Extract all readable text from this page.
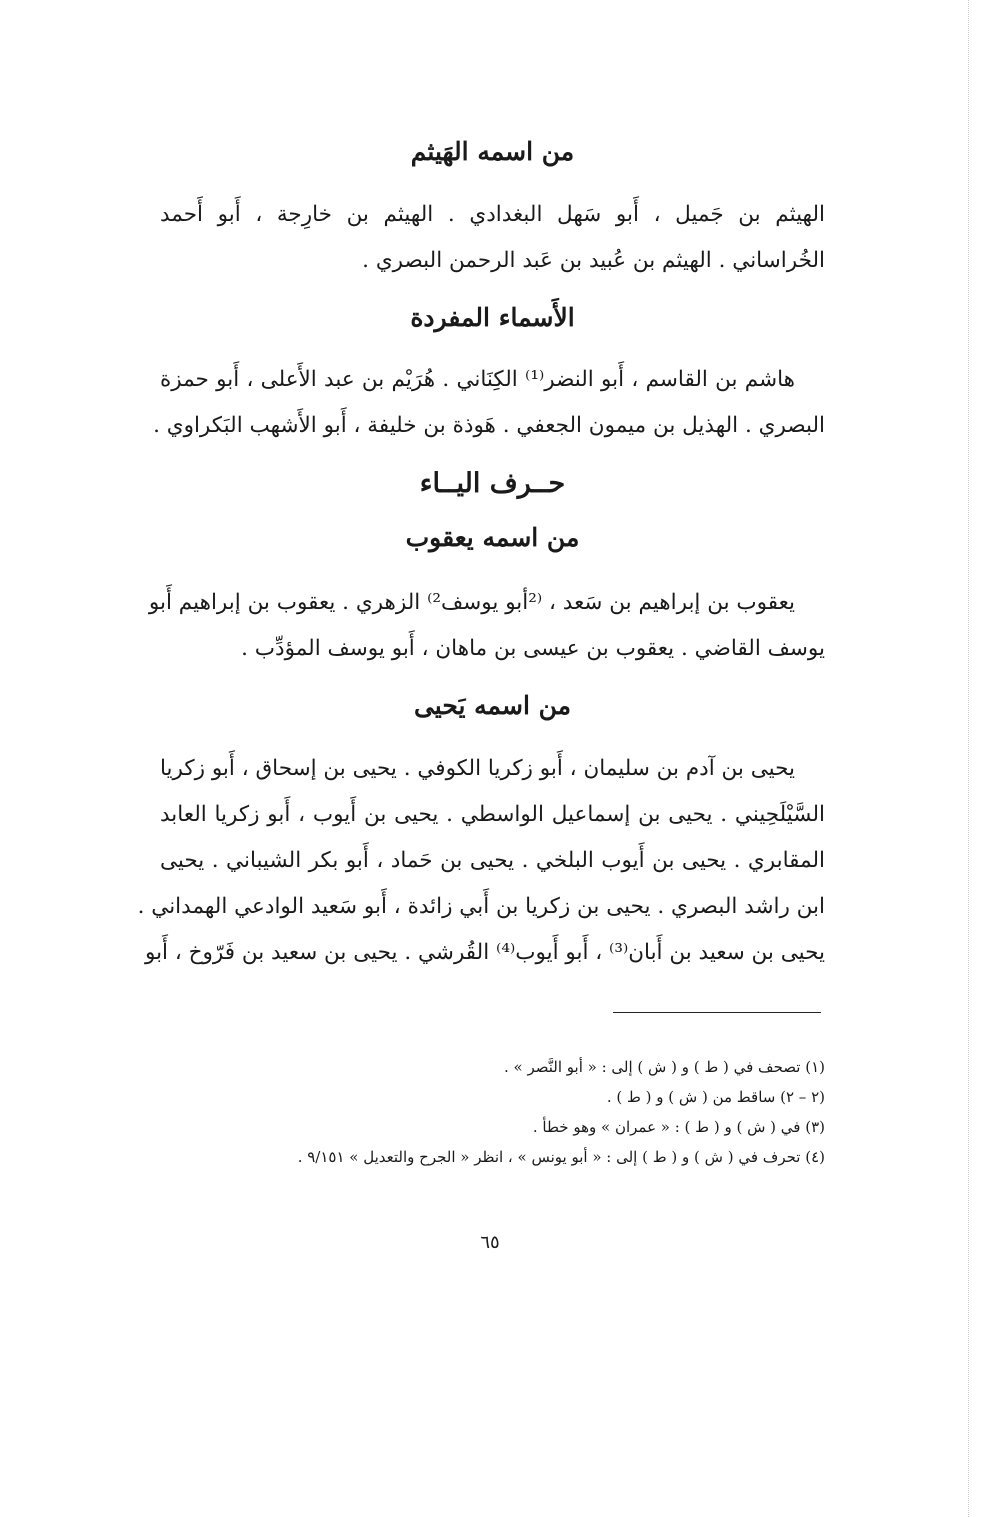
من اسمه الهَيثم
الهيثم بن جَميل ، أَبو سَهل البغدادي . الهيثم بن خارِجة ، أَبو أَحمد
الخُراساني . الهيثم بن عُبيد بن عَبد الرحمن البصري .
الأَسماء المفردة
هاشم بن القاسم ، أَبو النضر⁽¹⁾ الكِنَاني . هُرَيْم بن عبد الأَعلى ، أَبو حمزة
البصري . الهذيل بن ميمون الجعفي . هَوذة بن خليفة ، أَبو الأَشهب البَكراوي .
حــرف اليــاء
من اسمه يعقوب
يعقوب بن إبراهيم بن سَعد ، ⁽²أبو يوسف²⁾ الزهري . يعقوب بن إبراهيم أَبو
يوسف القاضي . يعقوب بن عيسى بن ماهان ، أَبو يوسف المؤدِّب .
من اسمه يَحيى
يحيى بن آدم بن سليمان ، أَبو زكريا الكوفي . يحيى بن إسحاق ، أَبو زكريا
السَّيْلَحِيني . يحيى بن إسماعيل الواسطي . يحيى بن أَيوب ، أَبو زكريا العابد
المقابري . يحيى بن أَيوب البلخي . يحيى بن حَماد ، أَبو بكر الشيباني . يحيى
ابن راشد البصري . يحيى بن زكريا بن أَبي زائدة ، أَبو سَعيد الوادعي الهمداني .
يحيى بن سعيد بن أَبان⁽³⁾ ، أَبو أَيوب⁽⁴⁾ القُرشي . يحيى بن سعيد بن فَرّوخ ، أَبو
(١) تصحف في ( ط ) و ( ش ) إلى : « أبو النَّصر » .
(٢ – ٢) ساقط من ( ش ) و ( ط ) .
(٣) في ( ش ) و ( ط ) : « عمران » وهو خطأ .
(٤) تحرف في ( ش ) و ( ط ) إلى : « أبو يونس » ، انظر « الجرح والتعديل » ٩/١٥١ .
٦٥
